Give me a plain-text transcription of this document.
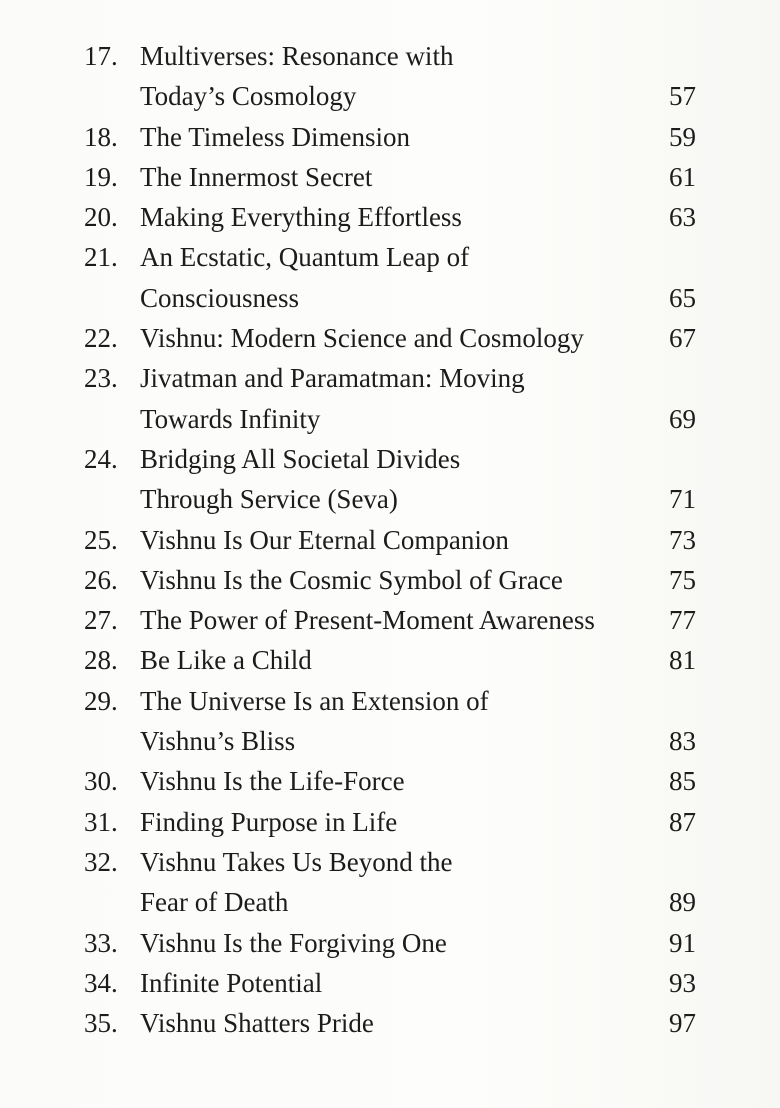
17. Multiverses: Resonance with
Today’s Cosmology	57
18. The Timeless Dimension	59
19. The Innermost Secret	61
20. Making Everything Effortless	63
21. An Ecstatic, Quantum Leap of
Consciousness	65
22. Vishnu: Modern Science and Cosmology	67
23. Jivatman and Paramatman: Moving
Towards Infinity	69
24. Bridging All Societal Divides
Through Service (Seva)	71
25. Vishnu Is Our Eternal Companion	73
26. Vishnu Is the Cosmic Symbol of Grace	75
27. The Power of Present-Moment Awareness	77
28. Be Like a Child	81
29. The Universe Is an Extension of
Vishnu’s Bliss	83
30. Vishnu Is the Life-Force	85
31. Finding Purpose in Life	87
32. Vishnu Takes Us Beyond the
Fear of Death	89
33. Vishnu Is the Forgiving One	91
34. Infinite Potential	93
35. Vishnu Shatters Pride	97
